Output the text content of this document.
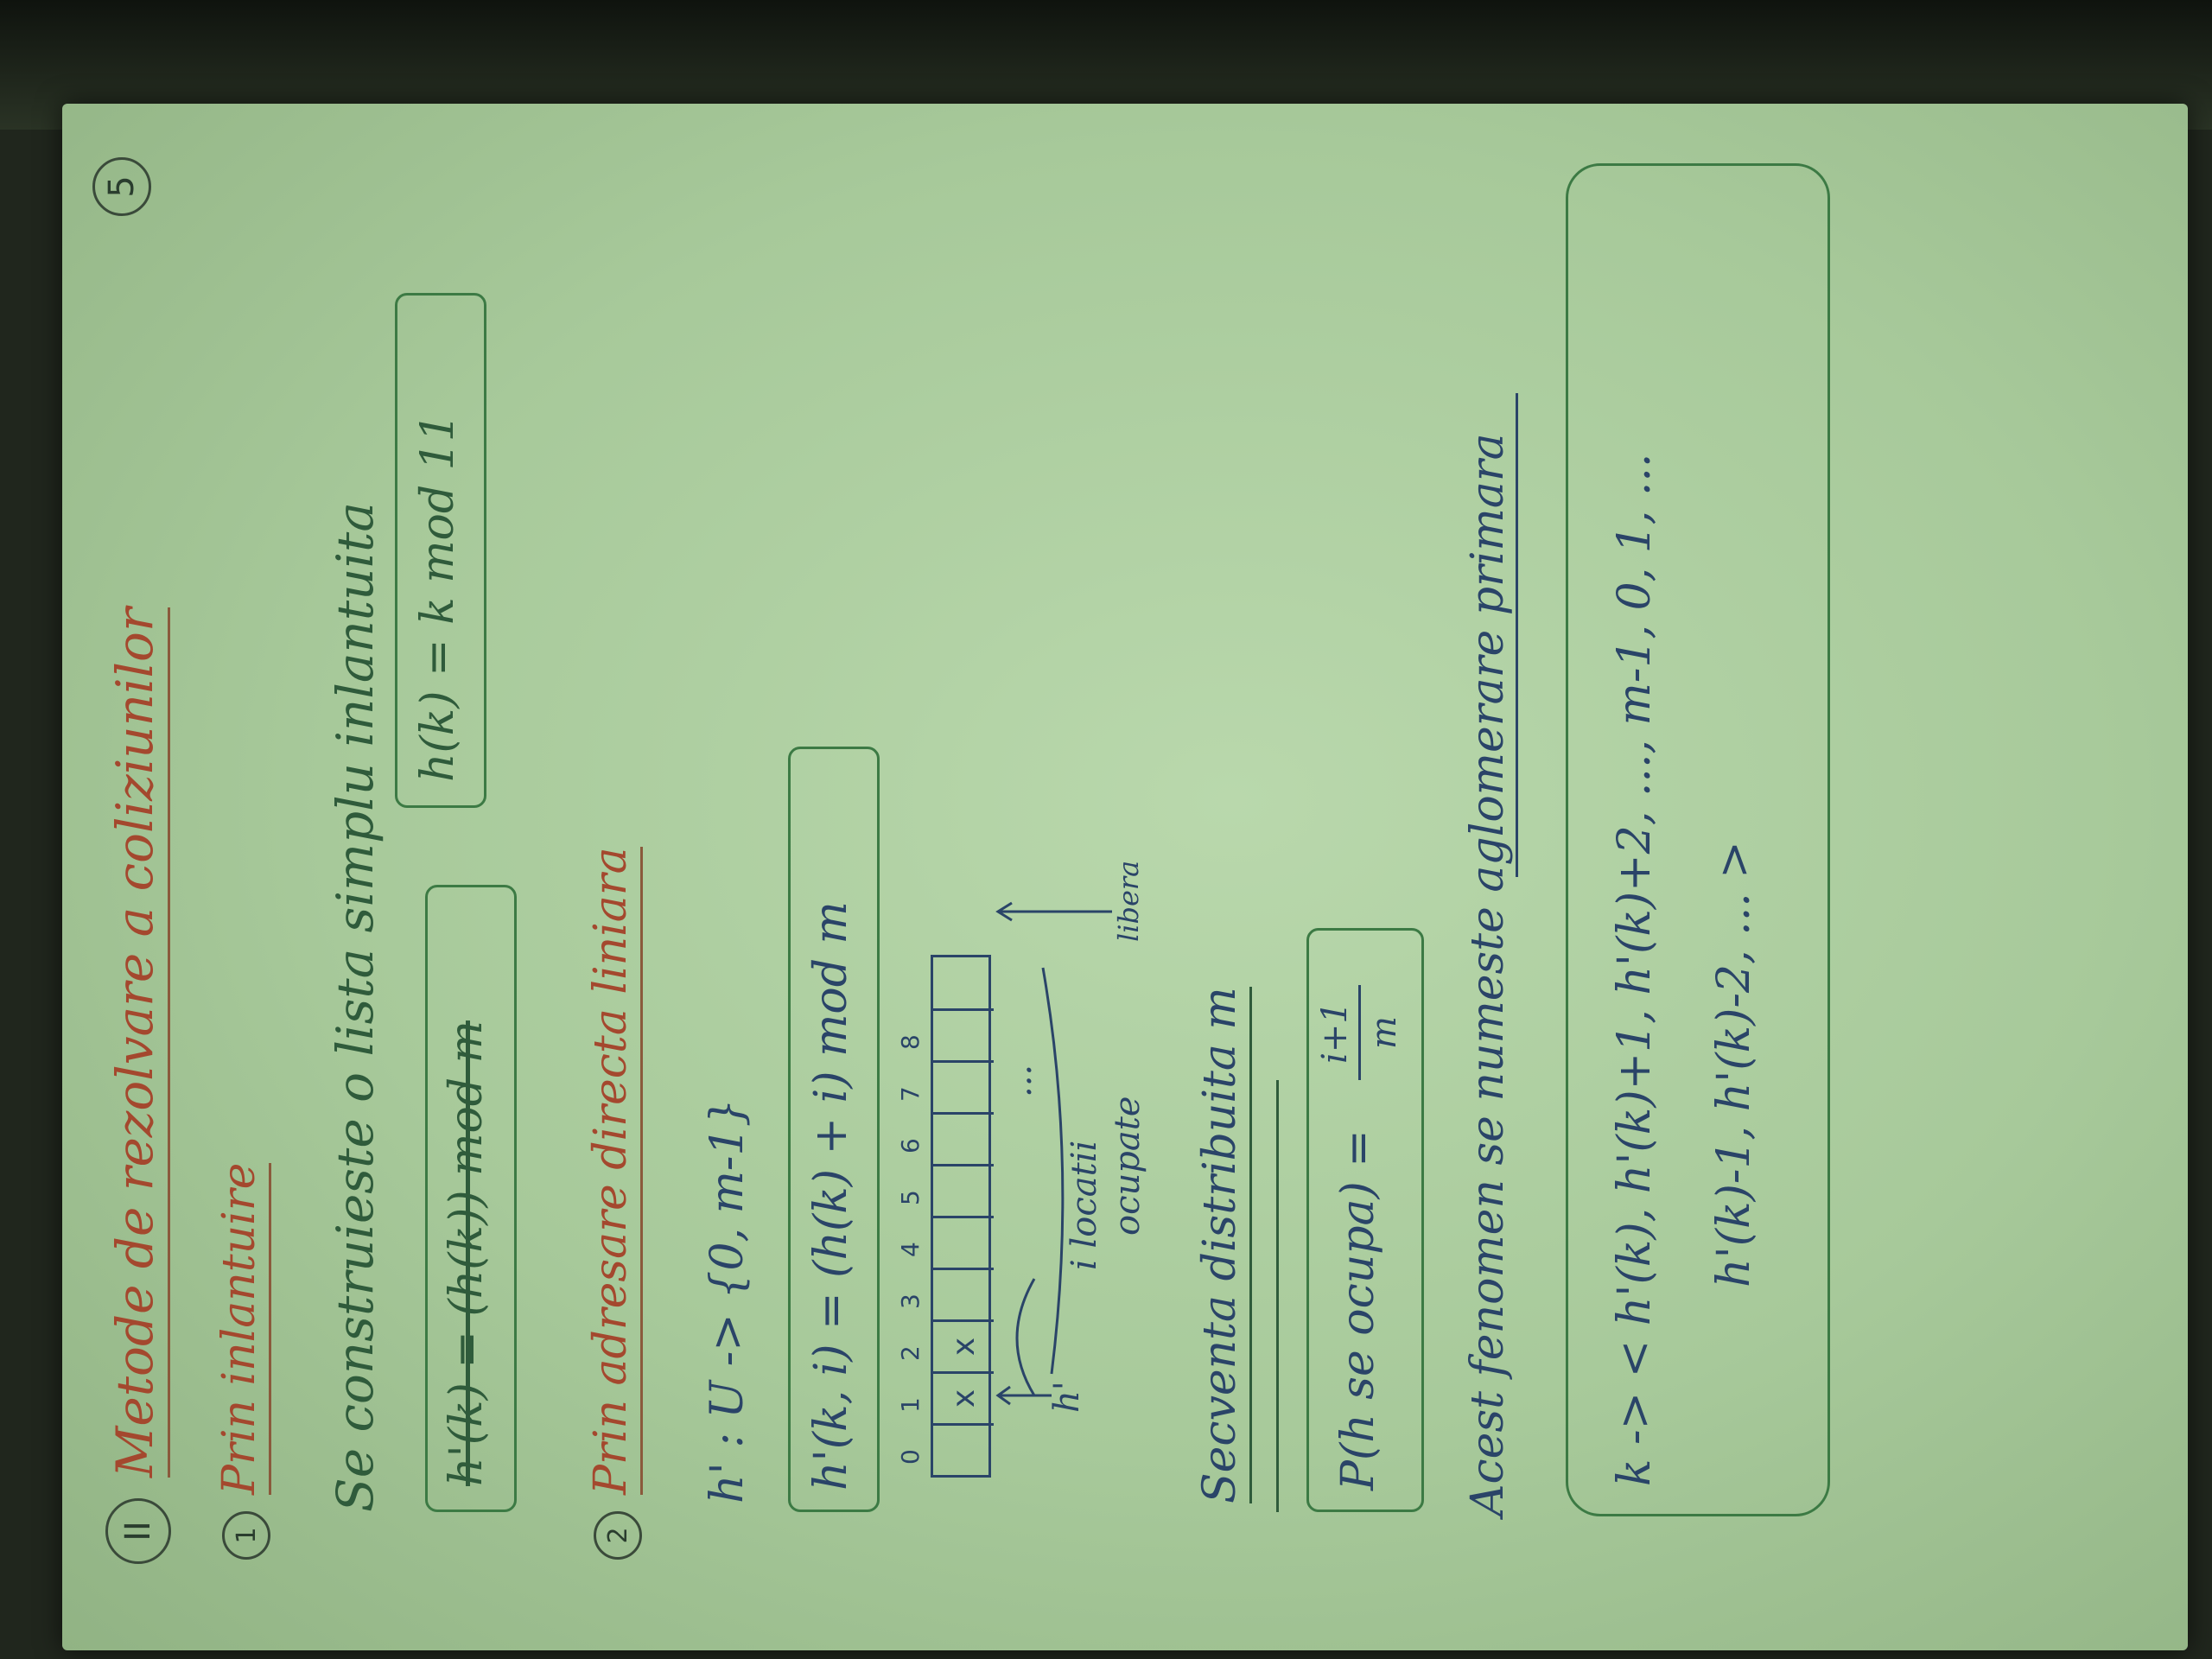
II
Metode de rezolvare a coliziunilor
5
1
Prin inlantuire Se construieste o lista simplu inlantuita h'(k) = (h(k)) mod m
h(k) = k mod 11
2
Prin adresare directa liniara h' : U -> {0, m-1} h'(k, i) = (h(k) + i) mod m 0
1
2
3
4
5
6
7
8
x
x
h'
...
i locatii ocupate
libera
Secventa distribuita m P(h se ocupa) =
i+1 m Acest fenomen se numeste aglomerare primara k -> < h'(k), h'(k)+1, h'(k)+2, ..., m-1, 0, 1, ... h'(k)-1, h'(k)-2, ... >
